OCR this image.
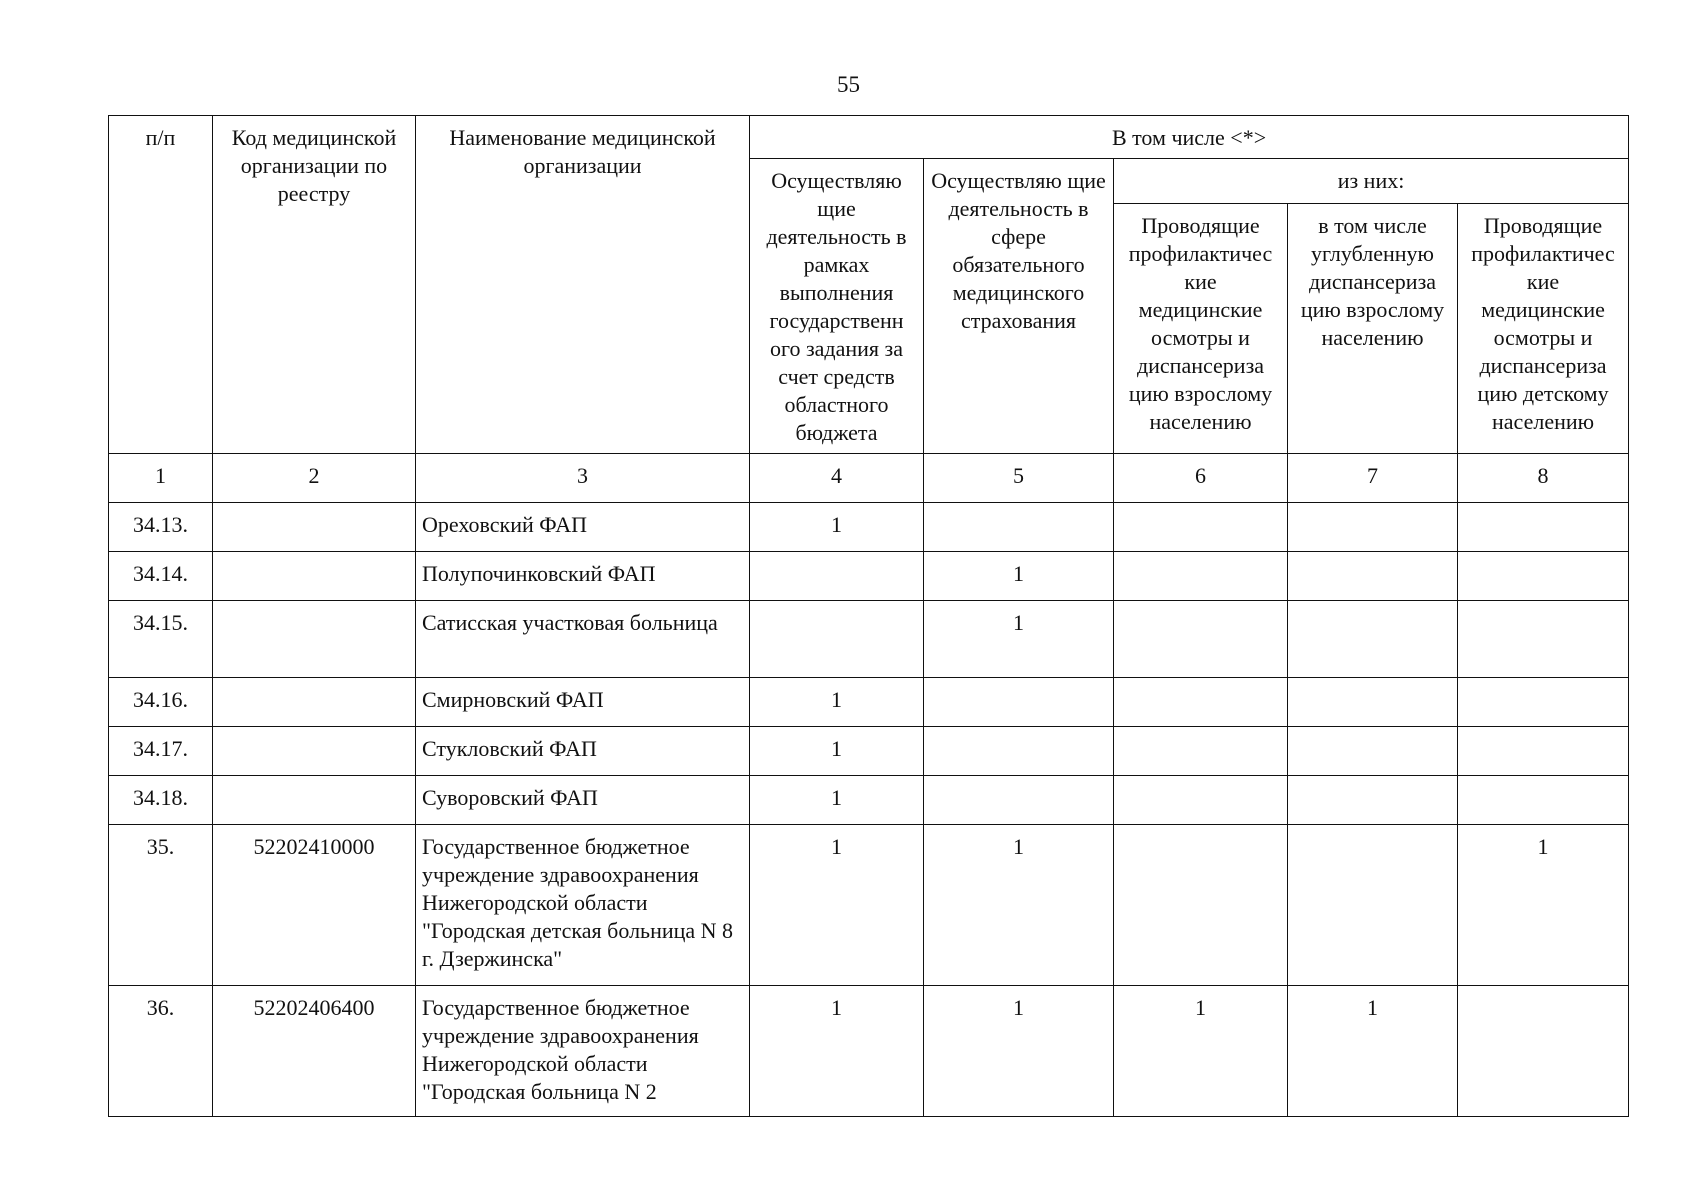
55
п/п	Код медицинской организации по реестру	Наименование медицинской организации	В том числе <*>				
			Осуществляю щие деятельность в рамках выполнения государственн ого задания за счет средств областного бюджета	Осуществляю щие деятельность в сфере обязательного медицинского страхования	из них:		
					Проводящие профилактичес кие медицинские осмотры и диспансериза цию взрослому населению	в том числе углубленную диспансериза цию взрослому населению	Проводящие профилактичес кие медицинские осмотры и диспансериза цию детскому населению
1	2	3	4	5	6	7	8
34.13.		Ореховский ФАП	1				
34.14.		Полупочинковский ФАП		1			
34.15.		Сатисская участковая больница		1			
34.16.		Смирновский ФАП	1				
34.17.		Стукловский ФАП	1				
34.18.		Суворовский ФАП	1				
35.	52202410000	Государственное бюджетное учреждение здравоохранения Нижегородской области "Городская детская больница N 8 г. Дзержинска"	1	1			1
36.	52202406400	Государственное бюджетное учреждение здравоохранения Нижегородской области "Городская больница N 2	1	1	1	1	
